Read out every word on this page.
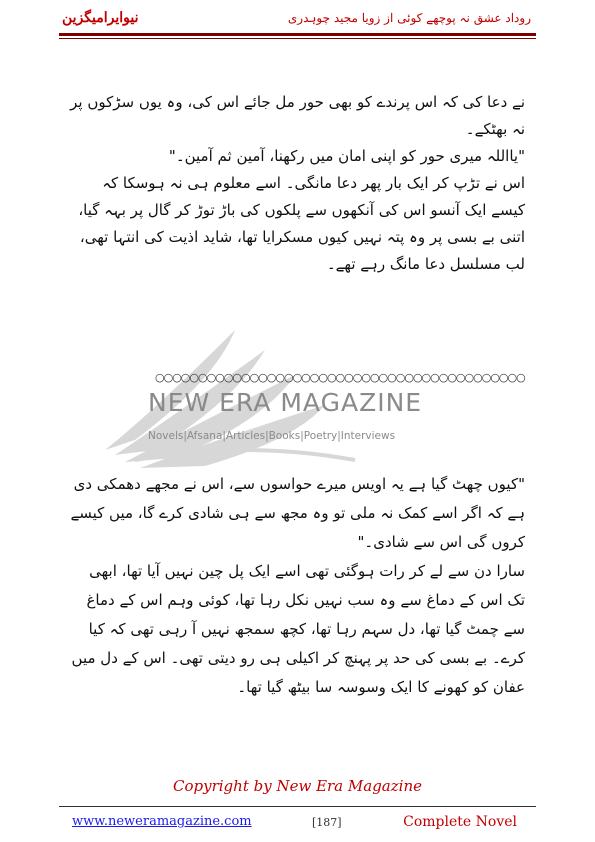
نیوایرامیگزین	روداد عشق نہ پوچھے کوئی از زویا مجید چوہدری

نے دعا کی کہ اس پرندے کو بھی حور مل جائے اس کی، وہ یوں سڑکوں پر نہ بھٹکے۔

"یااللہ میری حور کو اپنی امان میں رکھنا، آمین ثم آمین۔"

اس نے تڑپ کر ایک بار پھر دعا مانگی۔ اسے معلوم ہی نہ ہوسکا کہ کیسے ایک آنسو اس کی آنکھوں سے پلکوں کی باڑ توڑ کر گال پر بہہ گیا، اتنی بے بسی پر وہ پتہ نہیں کیوں مسکرایا تھا، شاید اذیت کی انتہا تھی، لب مسلسل دعا مانگ رہے تھے۔

NEW ERA MAGAZINE
Novels|Afsana|Articles|Books|Poetry|Interviews
○○○○○○○○○○○○○○○○○○○○○○○○○○○○○○○○○○○○○○○○○○○

"کیوں چھٹ گیا ہے یہ اویس میرے حواسوں سے، اس نے مجھے دھمکی دی ہے کہ اگر اسے کمک نہ ملی تو وہ مجھ سے ہی شادی کرے گا، میں کیسے کروں گی اس سے شادی۔"

سارا دن سے لے کر رات ہوگئی تھی اسے ایک پل چین نہیں آیا تھا، ابھی تک اس کے دماغ سے وہ سب نہیں نکل رہا تھا، کوئی وہم اس کے دماغ سے چمٹ گیا تھا، دل سہم رہا تھا، کچھ سمجھ نہیں آ رہی تھی کہ کیا کرے۔ بے بسی کی حد پر پہنچ کر اکیلی ہی رو دیتی تھی۔ اس کے دل میں عفان کو کھونے کا ایک وسوسہ سا بیٹھ گیا تھا۔

Copyright by New Era Magazine
www.neweramagazine.com	[187]	Complete Novel
